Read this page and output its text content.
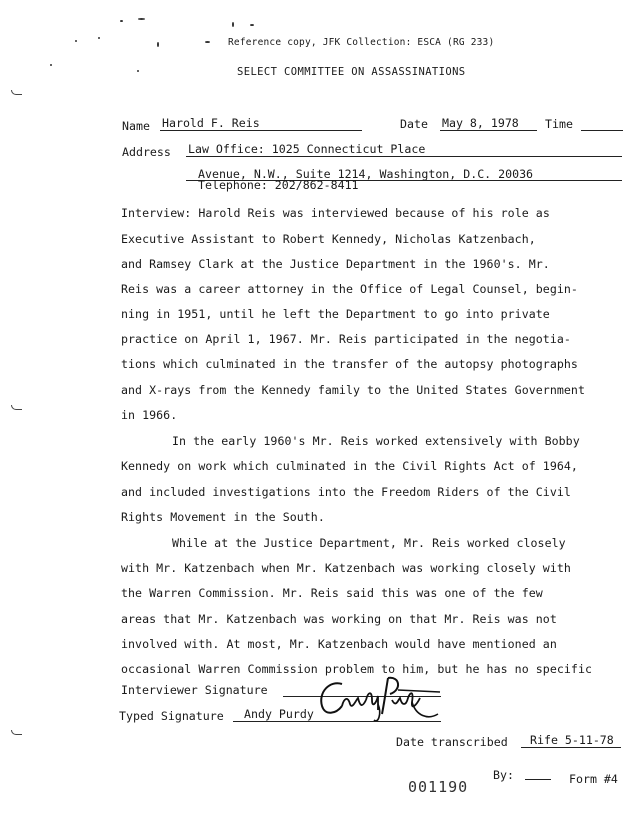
Reference copy, JFK Collection: ESCA (RG 233)
SELECT COMMITTEE ON ASSASSINATIONS
Name Harold F. Reis	Date May 8, 1978 Time
Address Law Office: 1025 Connecticut Place
Avenue, N.W., Suite 1214, Washington, D.C. 20036
Telephone: 202/862-8411
Interview: Harold Reis was interviewed because of his role as
Executive Assistant to Robert Kennedy, Nicholas Katzenbach,
and Ramsey Clark at the Justice Department in the 1960's. Mr.
Reis was a career attorney in the Office of Legal Counsel, begin-
ning in 1951, until he left the Department to go into private
practice on April 1, 1967. Mr. Reis participated in the negotia-
tions which culminated in the transfer of the autopsy photographs
and X-rays from the Kennedy family to the United States Government
in 1966.
In the early 1960's Mr. Reis worked extensively with Bobby
Kennedy on work which culminated in the Civil Rights Act of 1964,
and included investigations into the Freedom Riders of the Civil
Rights Movement in the South.
While at the Justice Department, Mr. Reis worked closely
with Mr. Katzenbach when Mr. Katzenbach was working closely with
the Warren Commission. Mr. Reis said this was one of the few
areas that Mr. Katzenbach was working on that Mr. Reis was not
involved with. At most, Mr. Katzenbach would have mentioned an
occasional Warren Commission problem to him, but he has no specific
Interviewer Signature
Typed Signature Andy Purdy
Date transcribed Rife 5-11-78
By:	Form #4
001190
